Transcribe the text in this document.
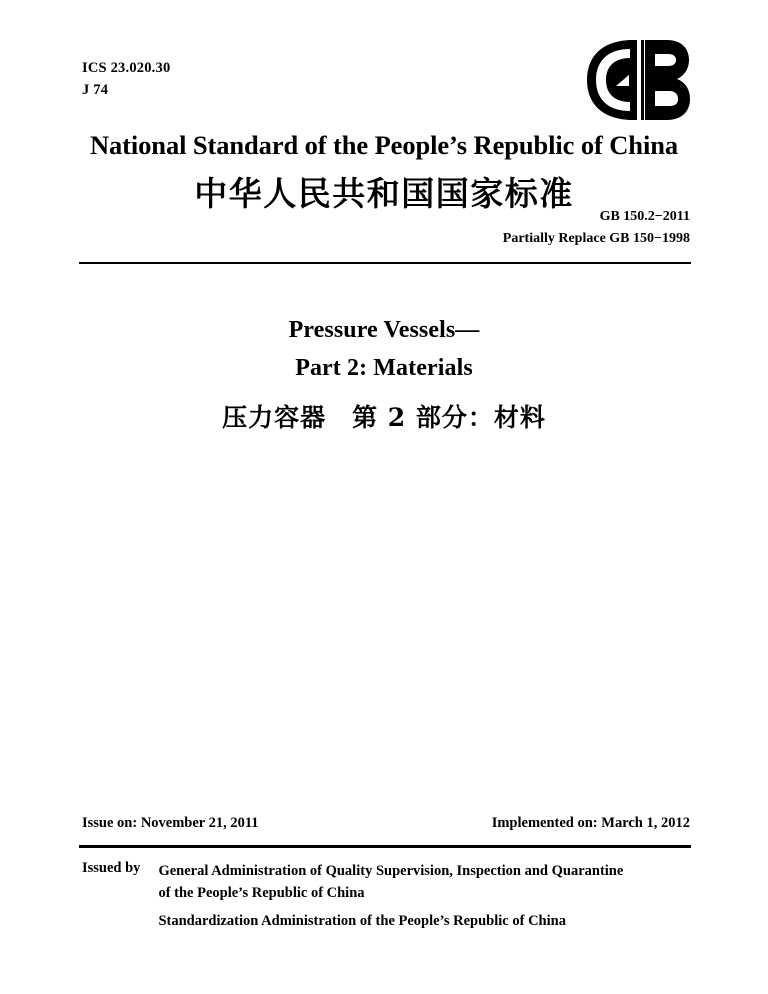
ICS 23.020.30
J 74
National Standard of the People’s Republic of China
中华人民共和国国家标准
GB 150.2−2011
Partially Replace GB 150−1998
Pressure Vessels—
Part 2: Materials
压力容器　第 2 部分：材料
Issue on: November 21, 2011	Implemented on: March 1, 2012
Issued by General Administration of Quality Supervision, Inspection and Quarantine
of the People’s Republic of China
Standardization Administration of the People’s Republic of China
